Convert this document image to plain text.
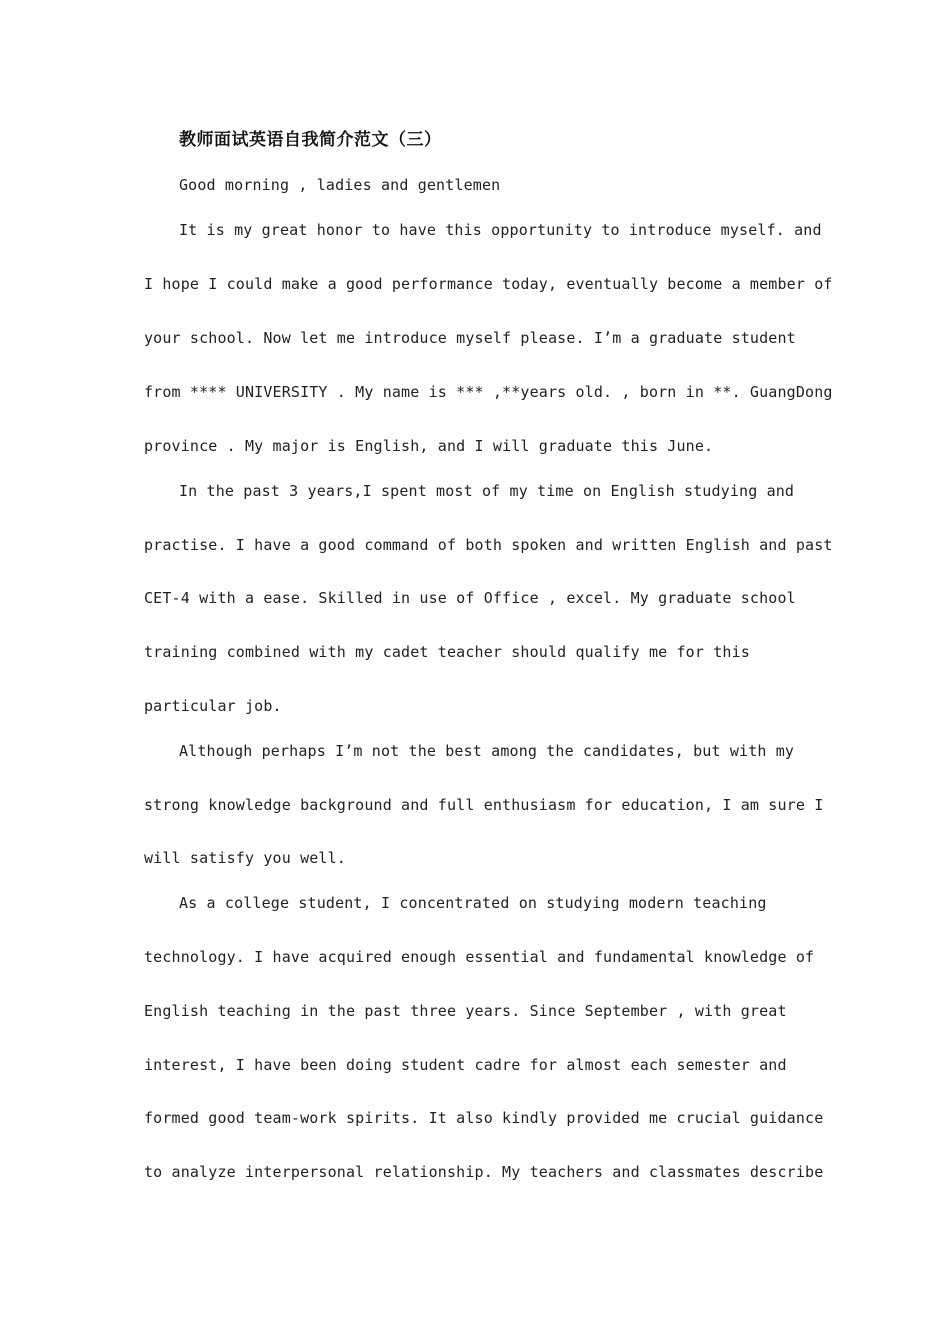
教师面试英语自我简介范文（三）
Good morning , ladies and gentlemen
It is my great honor to have this opportunity to introduce myself. and
I hope I could make a good performance today, eventually become a member of
your school. Now let me introduce myself please. I’m a graduate student
from **** UNIVERSITY . My name is *** ,**years old. , born in **. GuangDong
province . My major is English, and I will graduate this June.
In the past 3 years,I spent most of my time on English studying and
practise. I have a good command of both spoken and written English and past
CET-4 with a ease. Skilled in use of Office , excel. My graduate school
training combined with my cadet teacher should qualify me for this
particular job.
Although perhaps I’m not the best among the candidates, but with my
strong knowledge background and full enthusiasm for education, I am sure I
will satisfy you well.
As a college student, I concentrated on studying modern teaching
technology. I have acquired enough essential and fundamental knowledge of
English teaching in the past three years. Since September , with great
interest, I have been doing student cadre for almost each semester and
formed good team-work spirits. It also kindly provided me crucial guidance
to analyze interpersonal relationship. My teachers and classmates describe
